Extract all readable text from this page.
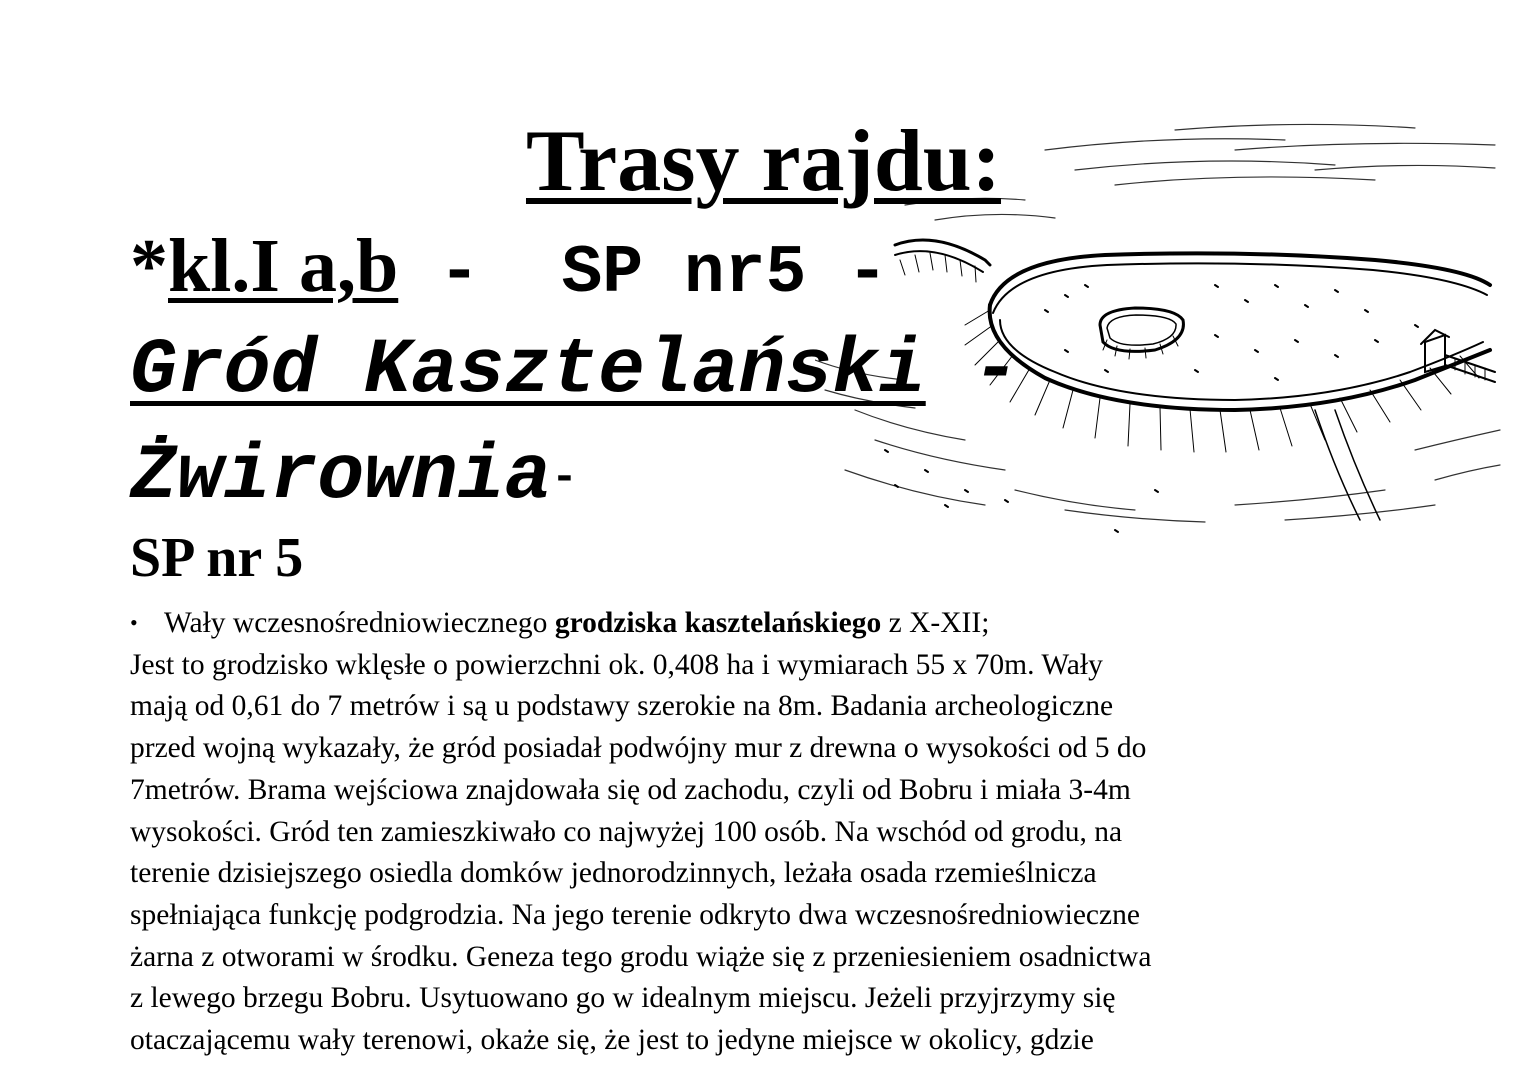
Trasy rajdu:
*kl.I a,b -  SP nr5 -
Gród Kasztelański -
Żwirownia-
SP nr 5

• Wały wczesnośredniowiecznego grodziska kasztelańskiego z X-XII;

Jest to grodzisko wklęsłe o powierzchni ok. 0,408 ha i wymiarach 55 x 70m. Wały

mają od 0,61 do 7 metrów i są u podstawy szerokie na 8m. Badania archeologiczne

przed wojną wykazały, że gród posiadał podwójny mur z drewna o wysokości od 5 do

7metrów. Brama wejściowa znajdowała się od zachodu, czyli od Bobru i miała 3-4m

wysokości. Gród ten zamieszkiwało co najwyżej 100 osób. Na wschód od grodu, na

terenie dzisiejszego osiedla domków jednorodzinnych, leżała osada rzemieślnicza

spełniająca funkcję podgrodzia. Na jego terenie odkryto dwa wczesnośredniowieczne

żarna z otworami w środku. Geneza tego grodu wiąże się z przeniesieniem osadnictwa

z lewego brzegu Bobru. Usytuowano go w idealnym miejscu. Jeżeli przyjrzymy się

otaczającemu wały terenowi, okaże się, że jest to jedyne miejsce w okolicy, gdzie
